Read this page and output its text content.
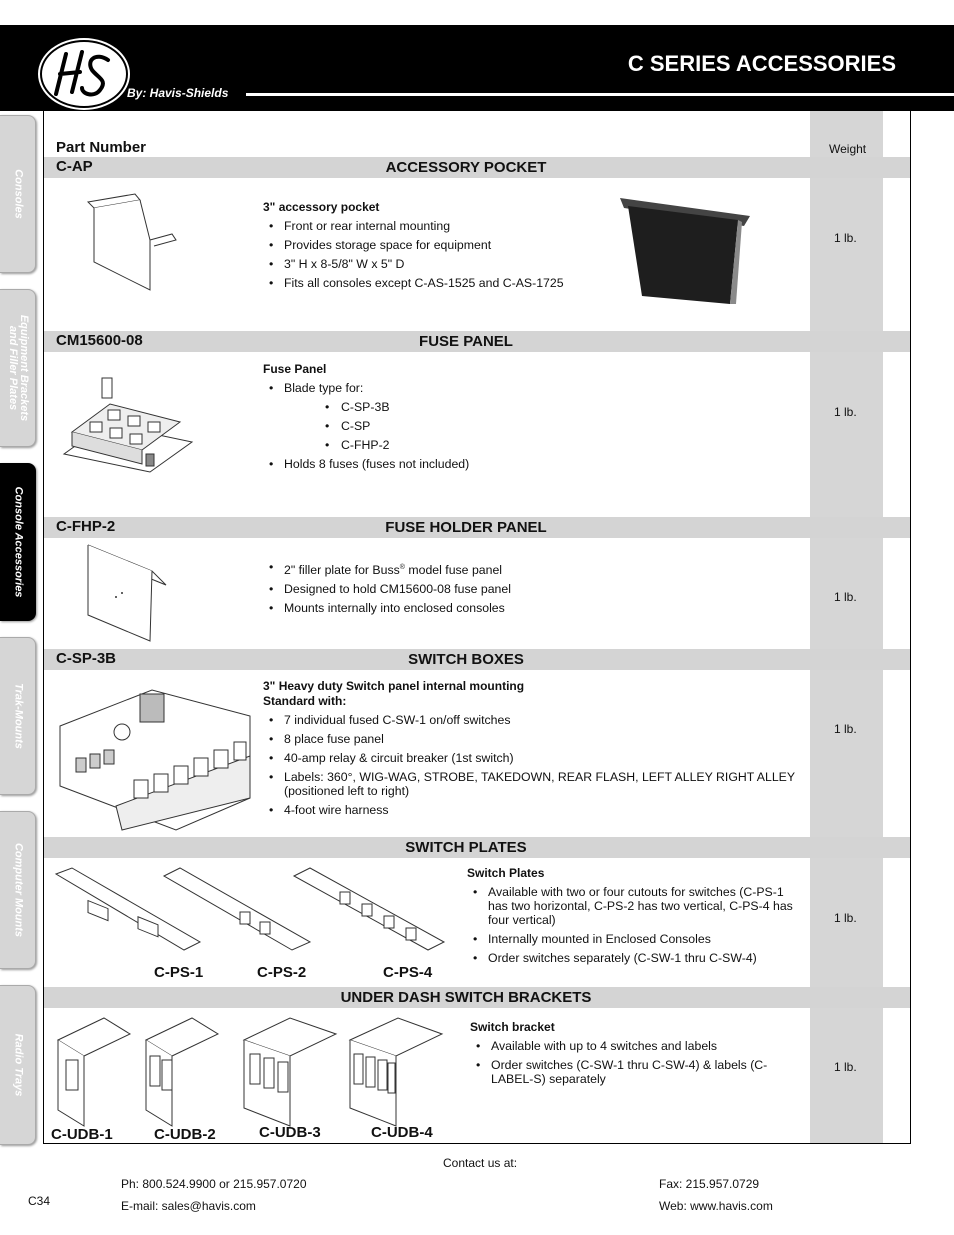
By: Havis-Shields
C SERIES ACCESSORIES
Consoles
Equipment Brackets
and Filler Plates
Console Accessories
Trak-Mounts
Computer Mounts
Radio Trays
Part Number	Weight
C-AP	ACCESSORY POCKET
3" accessory pocket
• Front or rear internal mounting
• Provides storage space for equipment
• 3" H x 8-5/8" W x 5" D
• Fits all consoles except C-AS-1525 and C-AS-1725
1 lb.
CM15600-08	FUSE PANEL
Fuse Panel
• Blade type for:
• C-SP-3B
• C-SP
• C-FHP-2
• Holds 8 fuses (fuses not included)
1 lb.
C-FHP-2	FUSE HOLDER PANEL
• 2" filler plate for Buss® model fuse panel
• Designed to hold CM15600-08 fuse panel
• Mounts internally into enclosed consoles
1 lb.
C-SP-3B	SWITCH BOXES
3" Heavy duty Switch panel internal mounting
Standard with:
• 7 individual fused C-SW-1 on/off switches
• 8 place fuse panel
• 40-amp relay & circuit breaker (1st switch)
• Labels: 360°, WIG-WAG, STROBE, TAKEDOWN, REAR FLASH, LEFT ALLEY RIGHT ALLEY (positioned left to right)
• 4-foot wire harness
1 lb.
SWITCH PLATES
C-PS-1	C-PS-2	C-PS-4
Switch Plates
• Available with two or four cutouts for switches (C-PS-1 has two horizontal, C-PS-2 has two vertical, C-PS-4 has four vertical)
• Internally mounted in Enclosed Consoles
• Order switches separately (C-SW-1 thru C-SW-4)
1 lb.
UNDER DASH SWITCH BRACKETS
C-UDB-1	C-UDB-2	C-UDB-3	C-UDB-4
Switch bracket
• Available with up to 4 switches and labels
• Order switches (C-SW-1 thru C-SW-4) & labels (C-LABEL-S) separately
1 lb.
Contact us at:
Ph: 800.524.9900 or 215.957.0720
E-mail: sales@havis.com
Fax: 215.957.0729
Web: www.havis.com
C34
